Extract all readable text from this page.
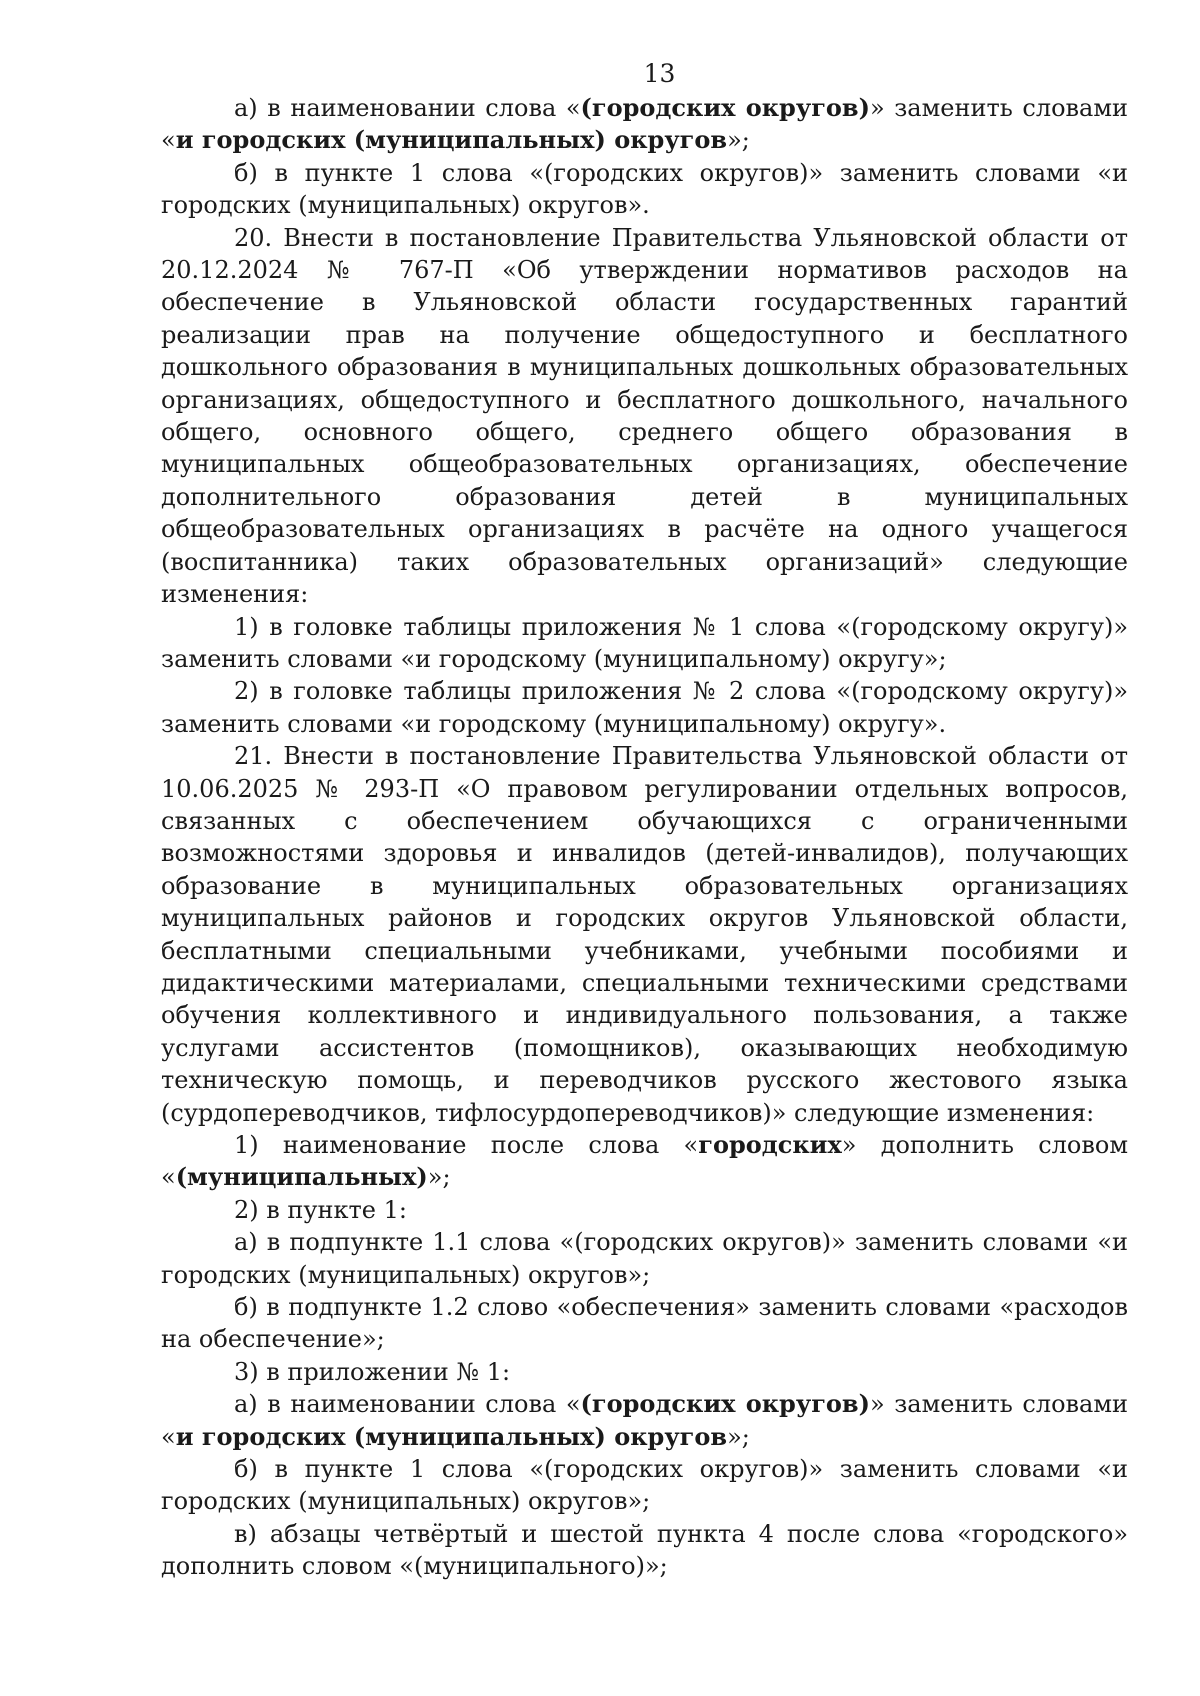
13

а) в наименовании слова «(городских округов)» заменить словами «и городских (муниципальных) округов»;

б) в пункте 1 слова «(городских округов)» заменить словами «и городских (муниципальных) округов».

20. Внести в постановление Правительства Ульяновской области от 20.12.2024 № 767-П «Об утверждении нормативов расходов на обеспечение в Ульяновской области государственных гарантий реализации прав на получение общедоступного и бесплатного дошкольного образования в муниципальных дошкольных образовательных организациях, общедоступного и бесплатного дошкольного, начального общего, основного общего, среднего общего образования в муниципальных общеобразовательных организациях, обеспечение дополнительного образования детей в муниципальных общеобразовательных организациях в расчёте на одного учащегося (воспитанника) таких образовательных организаций» следующие изменения:

1) в головке таблицы приложения № 1 слова «(городскому округу)» заменить словами «и городскому (муниципальному) округу»;

2) в головке таблицы приложения № 2 слова «(городскому округу)» заменить словами «и городскому (муниципальному) округу».

21. Внести в постановление Правительства Ульяновской области от 10.06.2025 № 293-П «О правовом регулировании отдельных вопросов, связанных с обеспечением обучающихся с ограниченными возможностями здоровья и инвалидов (детей-инвалидов), получающих образование в муниципальных образовательных организациях муниципальных районов и городских округов Ульяновской области, бесплатными специальными учебниками, учебными пособиями и дидактическими материалами, специальными техническими средствами обучения коллективного и индивидуального пользования, а также услугами ассистентов (помощников), оказывающих необходимую техническую помощь, и переводчиков русского жестового языка (сурдопереводчиков, тифлосурдопереводчиков)» следующие изменения:

1) наименование после слова «городских» дополнить словом «(муниципальных)»;

2) в пункте 1:

а) в подпункте 1.1 слова «(городских округов)» заменить словами «и городских (муниципальных) округов»;

б) в подпункте 1.2 слово «обеспечения» заменить словами «расходов на обеспечение»;

3) в приложении № 1:

а) в наименовании слова «(городских округов)» заменить словами «и городских (муниципальных) округов»;

б) в пункте 1 слова «(городских округов)» заменить словами «и городских (муниципальных) округов»;

в) абзацы четвёртый и шестой пункта 4 после слова «городского» дополнить словом «(муниципального)»;
